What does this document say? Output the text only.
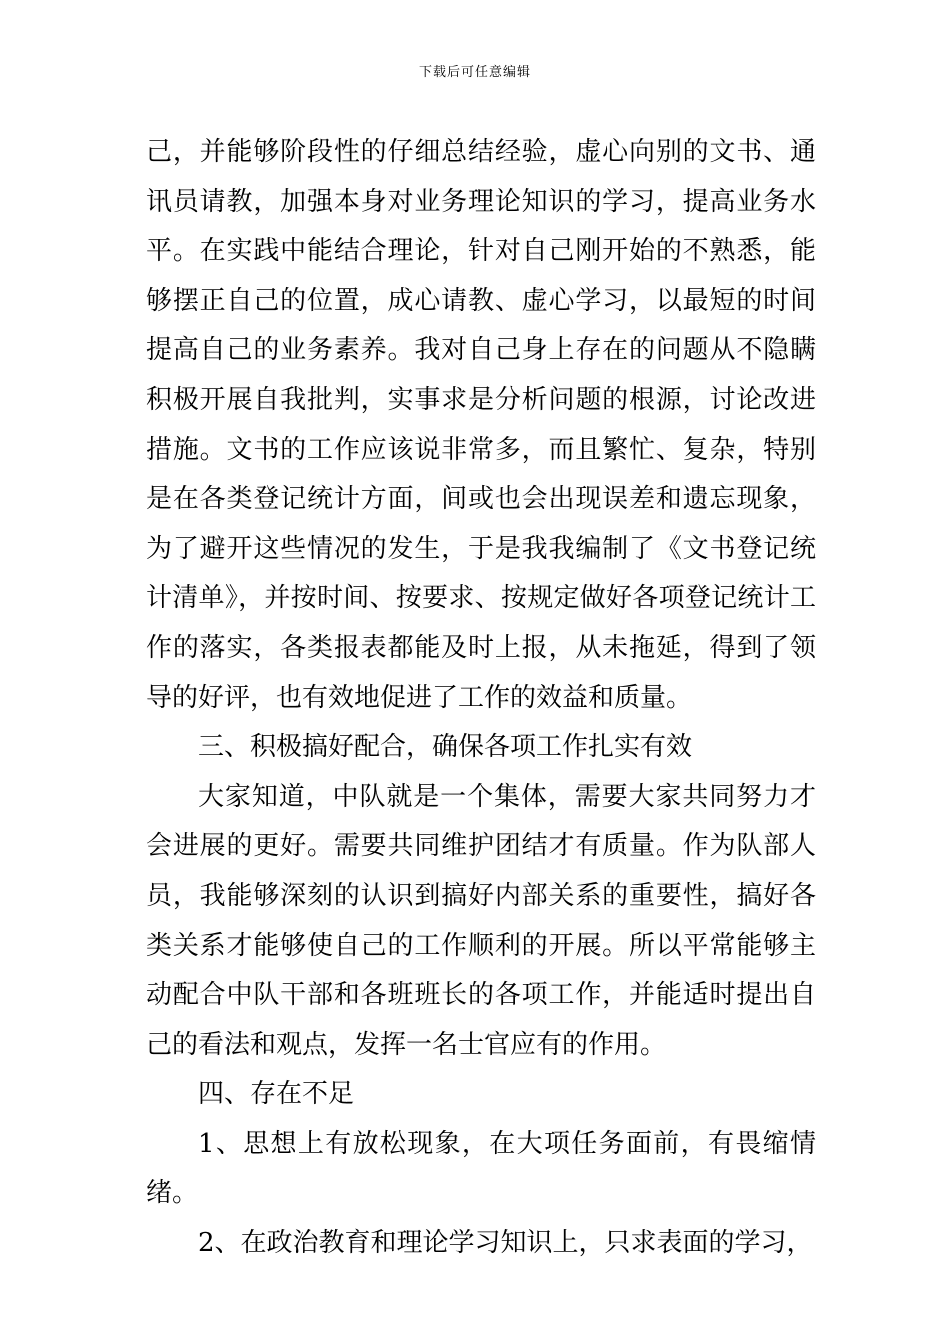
下载后可任意编辑

己，并能够阶段性的仔细总结经验，虚心向别的文书、通讯员请教，加强本身对业务理论知识的学习，提高业务水平。在实践中能结合理论，针对自己刚开始的不熟悉，能够摆正自己的位置，成心请教、虚心学习，以最短的时间提高自己的业务素养。我对自己身上存在的问题从不隐瞒积极开展自我批判，实事求是分析问题的根源，讨论改进措施。文书的工作应该说非常多，而且繁忙、复杂，特别是在各类登记统计方面，间或也会出现误差和遗忘现象，为了避开这些情况的发生，于是我我编制了《文书登记统计清单》，并按时间、按要求、按规定做好各项登记统计工作的落实，各类报表都能及时上报，从未拖延，得到了领导的好评，也有效地促进了工作的效益和质量。

三、积极搞好配合，确保各项工作扎实有效

大家知道，中队就是一个集体，需要大家共同努力才会进展的更好。需要共同维护团结才有质量。作为队部人员，我能够深刻的认识到搞好内部关系的重要性，搞好各类关系才能够使自己的工作顺利的开展。所以平常能够主动配合中队干部和各班班长的各项工作，并能适时提出自己的看法和观点，发挥一名士官应有的作用。

四、存在不足

1、思想上有放松现象，在大项任务面前，有畏缩情绪。

2、在政治教育和理论学习知识上，只求表面的学习，
